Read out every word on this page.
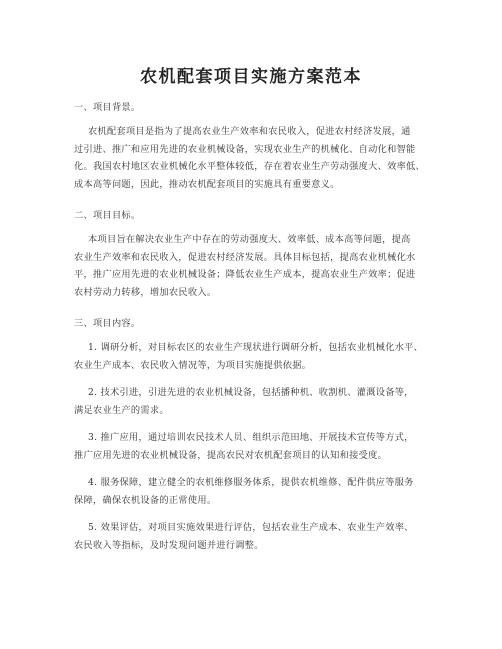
农机配套项目实施方案范本

一、项目背景。

农机配套项目是指为了提高农业生产效率和农民收入，促进农村经济发展，通
过引进、推广和应用先进的农业机械设备，实现农业生产的机械化、自动化和智能
化。我国农村地区农业机械化水平整体较低，存在着农业生产劳动强度大、效率低、
成本高等问题，因此，推动农机配套项目的实施具有重要意义。

二、项目目标。

本项目旨在解决农业生产中存在的劳动强度大、效率低、成本高等问题，提高
农业生产效率和农民收入，促进农村经济发展。具体目标包括，提高农业机械化水
平，推广应用先进的农业机械设备；降低农业生产成本，提高农业生产效率；促进
农村劳动力转移，增加农民收入。

三、项目内容。

1. 调研分析，对目标农区的农业生产现状进行调研分析，包括农业机械化水平、
农业生产成本、农民收入情况等，为项目实施提供依据。

2. 技术引进，引进先进的农业机械设备，包括播种机、收割机、灌溉设备等，
满足农业生产的需求。

3. 推广应用，通过培训农民技术人员、组织示范田地、开展技术宣传等方式，
推广应用先进的农业机械设备，提高农民对农机配套项目的认知和接受度。

4. 服务保障，建立健全的农机维修服务体系，提供农机维修、配件供应等服务
保障，确保农机设备的正常使用。

5. 效果评估，对项目实施效果进行评估，包括农业生产成本、农业生产效率、
农民收入等指标，及时发现问题并进行调整。
